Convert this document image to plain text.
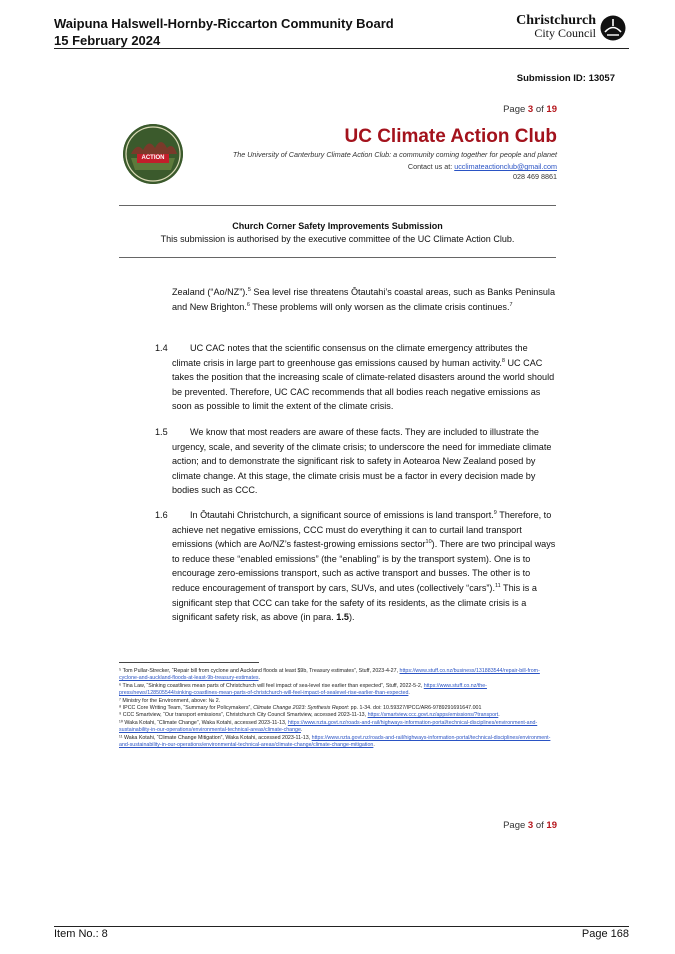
Waipuna Halswell-Hornby-Riccarton Community Board
15 February 2024
Christchurch
City Council
Submission ID: 13057
Page 3 of 19
ACTION
UC Climate Action Club
The University of Canterbury Climate Action Club: a community coming together for people and planet
Contact us at: ucclimateactionclub@gmail.com
028 469 8861
Church Corner Safety Improvements Submission
This submission is authorised by the executive committee of the UC Climate Action Club.
Zealand (“Ao/NZ”).$^5$ Sea level rise threatens Ōtautahi’s coastal areas, such as Banks Peninsula and New Brighton.$^6$ These problems will only worsen as the climate crisis continues.$^7$
1.4	UC CAC notes that the scientific consensus on the climate emergency attributes the climate crisis in large part to greenhouse gas emissions caused by human activity.$^8$ UC CAC takes the position that the increasing scale of climate-related disasters around the world should be prevented. Therefore, UC CAC recommends that all bodies reach negative emissions as soon as possible to limit the extent of the climate crisis.
1.5	We know that most readers are aware of these facts. They are included to illustrate the urgency, scale, and severity of the climate crisis; to underscore the need for immediate climate action; and to demonstrate the significant risk to safety in Aotearoa New Zealand posed by climate change. At this stage, the climate crisis must be a factor in every decision made by bodies such as CCC.
1.6	In Ōtautahi Christchurch, a significant source of emissions is land transport.$^9$ Therefore, to achieve net negative emissions, CCC must do everything it can to curtail land transport emissions (which are Ao/NZ’s fastest-growing emissions sector$^{10}$). There are two principal ways to reduce these “enabled emissions” (the “enabling” is by the transport system). One is to encourage zero-emissions transport, such as active transport and busses. The other is to reduce encouragement of transport by cars, SUVs, and utes (collectively “cars”).$^{11}$ This is a significant step that CCC can take for the safety of its residents, as the climate crisis is a significant safety risk, as above (in para. 1.5).

⁵ Tom Pullar-Strecker, “Repair bill from cyclone and Auckland floods at least $9b, Treasury estimates”, Stuff, 2023-4-27, https://www.stuff.co.nz/business/131883544/repair-bill-from-cyclone-and-auckland-floods-at-least-9b-treasury-estimates.

⁶ Tina Law, “Sinking coastlines mean parts of Christchurch will feel impact of sea-level rise earlier than expected”, Stuff, 2022-5-2, https://www.stuff.co.nz/the-press/news/128505544/sinking-coastlines-mean-parts-of-christchurch-will-feel-impact-of-sealevel-rise-earlier-than-expected.

⁷ Ministry for the Environment, above: № 2.

⁸ IPCC Core Writing Team, “Summary for Policymakers”, Climate Change 2023: Synthesis Report: pp. 1-34. doi: 10.59327/IPCC/AR6-9789291691647.001

⁹ CCC Smartview, “Our transport emissions”, Christchurch City Council Smartview, accessed 2023-11-13, https://smartview.ccc.govt.nz/apps/emissions/?transport.

¹⁰ Waka Kotahi, “Climate Change”, Waka Kotahi, accessed 2023-11-13, https://www.nzta.govt.nz/roads-and-rail/highways-information-portal/technical-disciplines/environment-and-sustainability-in-our-operations/environmental-technical-areas/climate-change.

¹¹ Waka Kotahi, “Climate Change Mitigation”, Waka Kotahi, accessed 2023-11-13, https://www.nzta.govt.nz/roads-and-rail/highways-information-portal/technical-disciplines/environment-and-sustainability-in-our-operations/environmental-technical-areas/climate-change/climate-change-mitigation.

Page 3 of 19
Item No.: 8	Page 168
